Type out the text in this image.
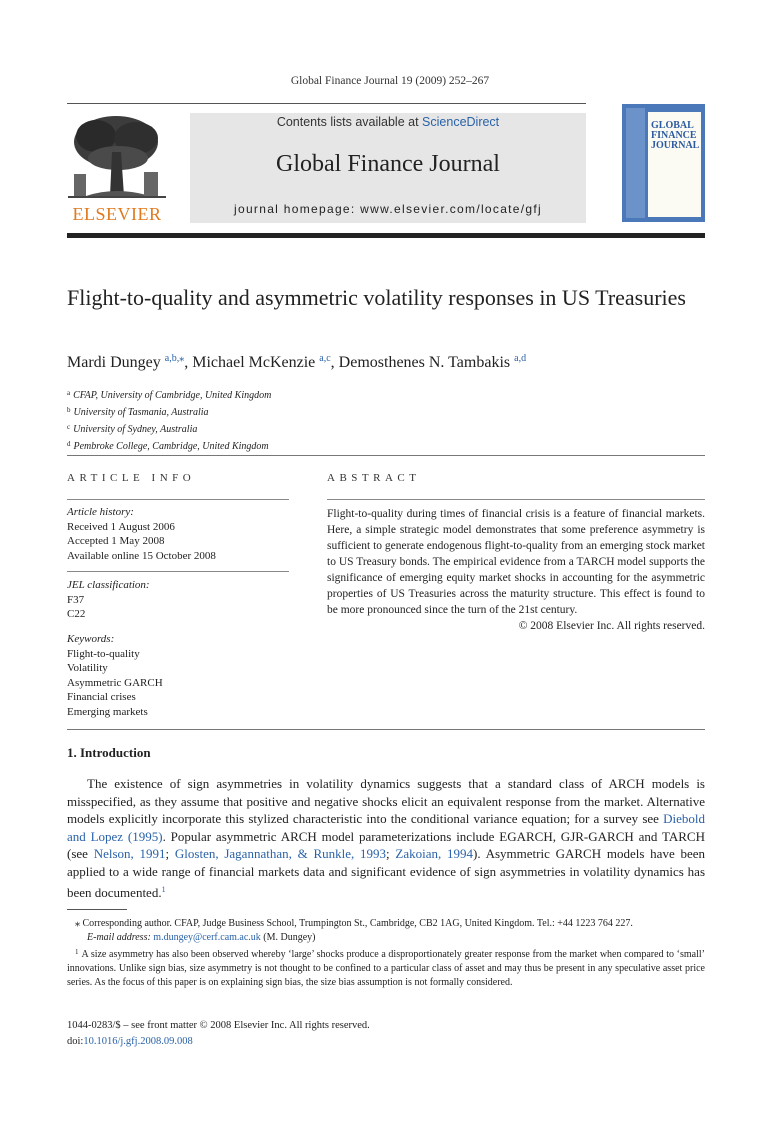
Global Finance Journal 19 (2009) 252–267
ELSEVIER
Contents lists available at ScienceDirect
Global Finance Journal
journal homepage: www.elsevier.com/locate/gfj
GLOBAL
FINANCE
JOURNAL
Flight-to-quality and asymmetric volatility responses in US Treasuries
Mardi Dungey $^{a,b,⁎}$, Michael McKenzie $^{a,c}$, Demosthenes N. Tambakis $^{a,d}$
$^a$ CFAP, University of Cambridge, United Kingdom
$^b$ University of Tasmania, Australia
$^c$ University of Sydney, Australia
$^d$ Pembroke College, Cambridge, United Kingdom
ARTICLE INFO
Article history:
Received 1 August 2006
Accepted 1 May 2008
Available online 15 October 2008
JEL classification:
F37
C22
Keywords:
Flight-to-quality
Volatility
Asymmetric GARCH
Financial crises
Emerging markets
ABSTRACT
Flight-to-quality during times of financial crisis is a feature of financial markets. Here, a simple strategic model demonstrates that some preference asymmetry is sufficient to generate endogenous flight-to-quality from an emerging stock market to US Treasury bonds. The empirical evidence from a TARCH model supports the significance of emerging equity market shocks in accounting for the asymmetric properties of US Treasuries across the maturity structure. This effect is found to be more pronounced since the turn of the 21st century.
© 2008 Elsevier Inc. All rights reserved.
1. Introduction
The existence of sign asymmetries in volatility dynamics suggests that a standard class of ARCH models is misspecified, as they assume that positive and negative shocks elicit an equivalent response from the market. Alternative models explicitly incorporate this stylized characteristic into the conditional variance equation; for a survey see Diebold and Lopez (1995). Popular asymmetric ARCH model parameterizations include EGARCH, GJR-GARCH and TARCH (see Nelson, 1991; Glosten, Jagannathan, & Runkle, 1993; Zakoian, 1994). Asymmetric GARCH models have been applied to a wide range of financial markets data and significant evidence of sign asymmetries in volatility dynamics has been documented.$^1$
⁎ Corresponding author. CFAP, Judge Business School, Trumpington St., Cambridge, CB2 1AG, United Kingdom. Tel.: +44 1223 764 227.
E-mail address: m.dungey@cerf.cam.ac.uk (M. Dungey)
$^1$ A size asymmetry has also been observed whereby ‘large’ shocks produce a disproportionately greater response from the market when compared to ‘small’ innovations. Unlike sign bias, size asymmetry is not thought to be confined to a particular class of asset and may thus be present in any speculative asset price series. As the focus of this paper is on explaining sign bias, the size bias assumption is not formally considered.
1044-0283/$ – see front matter © 2008 Elsevier Inc. All rights reserved.
doi:10.1016/j.gfj.2008.09.008
